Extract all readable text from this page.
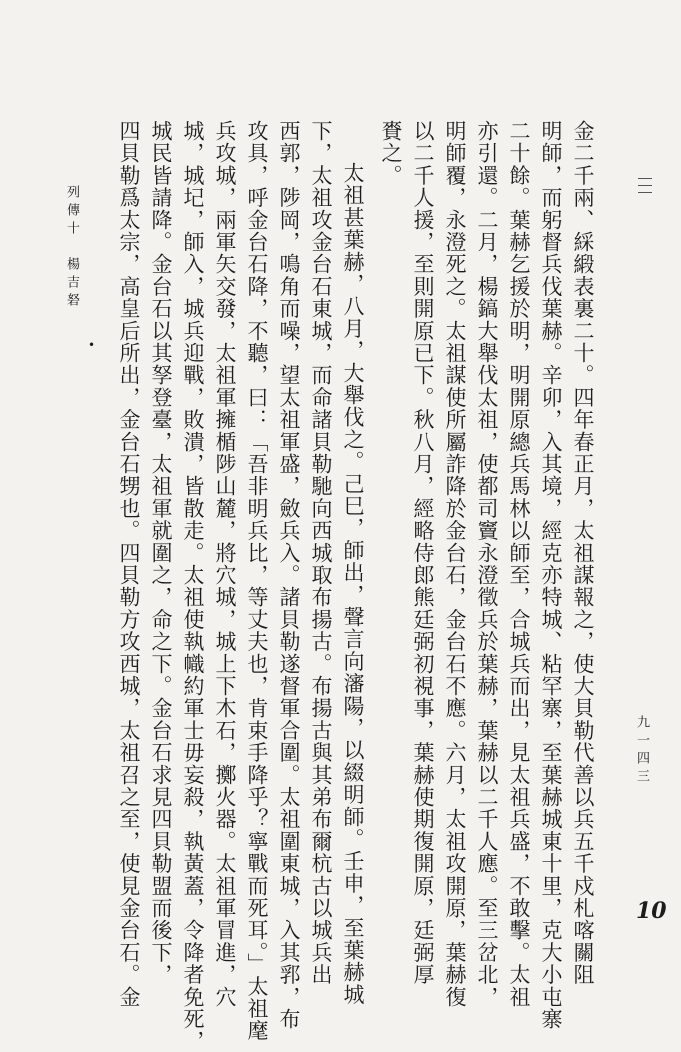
金二千兩、綵緞表裏二十。四年春正月，太祖謀報之，使大貝勒代善以兵五千戍札喀關阻
明師，而躬督兵伐葉赫。辛卯，入其境，經克亦特城、粘罕寨，至葉赫城東十里，克大小屯寨
二十餘。葉赫乞援於明，明開原總兵馬林以師至，合城兵而出，見太祖兵盛，不敢擊。太祖
亦引還。二月，楊鎬大舉伐太祖，使都司竇永澄徵兵於葉赫，葉赫以二千人應。至三岔北，
明師覆，永澄死之。太祖謀使所屬詐降於金台石，金台石不應。六月，太祖攻開原，葉赫復
以二千人援，至則開原已下。秋八月，經略侍郎熊廷弼初視事，葉赫使期復開原，廷弼厚
賚之。
太祖甚葉赫，八月，大舉伐之。己巳，師出，聲言向瀋陽，以綴明師。壬申，至葉赫城
下，太祖攻金台石東城，而命諸貝勒馳向西城取布揚古。布揚古與其弟布爾杭古以城兵出
西郭，陟岡，鳴角而噪，望太祖軍盛，斂兵入。諸貝勒遂督軍合圍。太祖圍東城，入其郛，布
攻具，呼金台石降，不聽，曰：「吾非明兵比，等丈夫也，肯束手降乎？寧戰而死耳。」太祖麾
兵攻城，兩軍矢交發，太祖軍擁楯陟山麓，將穴城，城上下木石，擲火器。太祖軍冒進，穴
城，城圮，師入，城兵迎戰，敗潰，皆散走。太祖使執幟約軍士毋妄殺，執黃蓋，令降者免死，
城民皆請降。金台石以其孥登臺，太祖軍就圍之，命之下。金台石求見四貝勒盟而後下，
四貝勒爲太宗，高皇后所出，金台石甥也。四貝勒方攻西城，太祖召之至，使見金台石。金
列傳十　楊吉砮
•
九一四三
10
